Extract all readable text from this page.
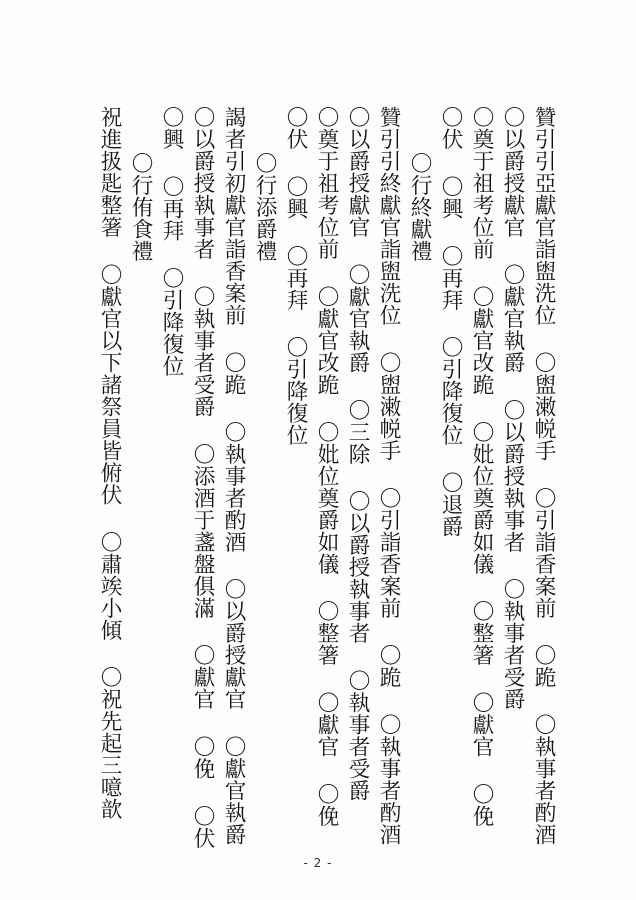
贊引引亞獻官詣盥洗位 〇盥潄帨手 〇引詣香案前 〇跪 〇執事者酌酒
〇以爵授獻官 〇獻官執爵 〇以爵授執事者 〇執事者受爵
〇奠于祖考位前 〇獻官改跪 〇妣位奠爵如儀 〇整箸 〇獻官 〇俛
〇伏 〇興 〇再拜 〇引降復位 〇退爵
〇行終獻禮
贊引引終獻官詣盥洗位 〇盥潄帨手 〇引詣香案前 〇跪 〇執事者酌酒
〇以爵授獻官 〇獻官執爵 〇三除 〇以爵授執事者 〇執事者受爵
〇奠于祖考位前 〇獻官改跪 〇妣位奠爵如儀 〇整箸 〇獻官 〇俛
〇伏 〇興 〇再拜 〇引降復位
〇行添爵禮
謁者引初獻官詣香案前 〇跪 〇執事者酌酒 〇以爵授獻官 〇獻官執爵
〇以爵授執事者 〇執事者受爵 〇添酒于盞盤俱滿 〇獻官 〇俛 〇伏
〇興 〇再拜 〇引降復位
〇行侑食禮
祝進扱匙整箸 〇獻官以下諸祭員皆俯伏 〇肅竢小傾 〇祝先起三噫歆
- 2 -
